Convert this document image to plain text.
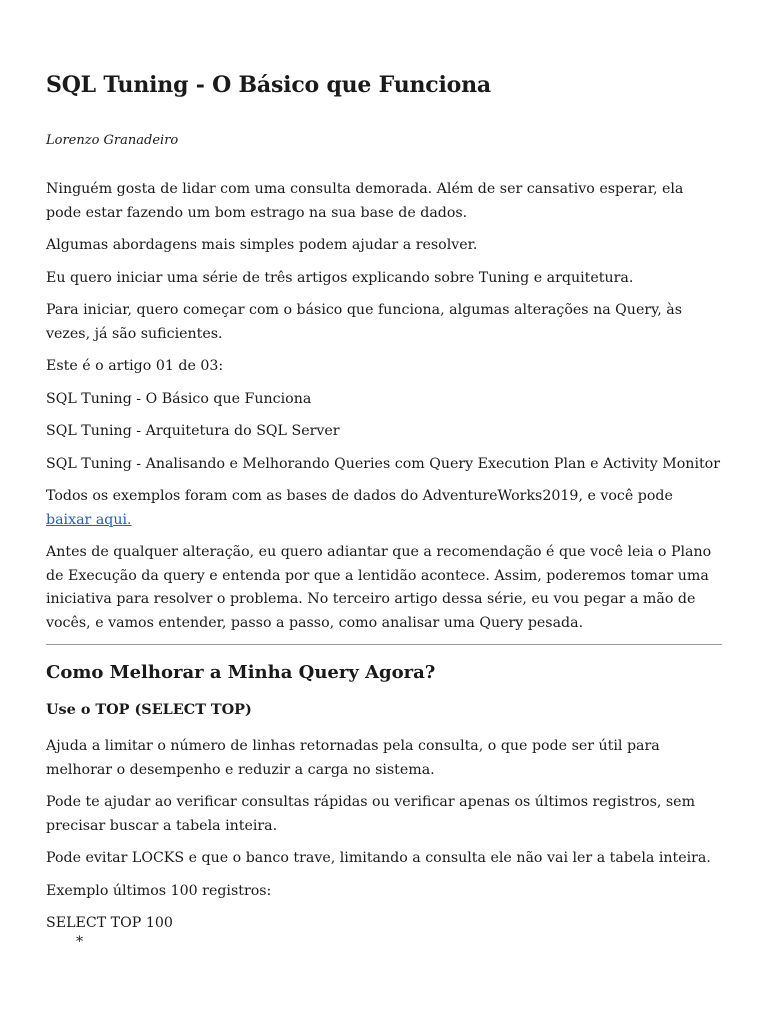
SQL Tuning - O Básico que Funciona
Lorenzo Granadeiro

Ninguém gosta de lidar com uma consulta demorada. Além de ser cansativo esperar, ela pode estar fazendo um bom estrago na sua base de dados.

Algumas abordagens mais simples podem ajudar a resolver.

Eu quero iniciar uma série de três artigos explicando sobre Tuning e arquitetura.

Para iniciar, quero começar com o básico que funciona, algumas alterações na Query, às vezes, já são suficientes.

Este é o artigo 01 de 03:

SQL Tuning - O Básico que Funciona

SQL Tuning - Arquitetura do SQL Server

SQL Tuning - Analisando e Melhorando Queries com Query Execution Plan e Activity Monitor

Todos os exemplos foram com as bases de dados do AdventureWorks2019, e você pode baixar aqui.

Antes de qualquer alteração, eu quero adiantar que a recomendação é que você leia o Plano de Execução da query e entenda por que a lentidão acontece. Assim, poderemos tomar uma iniciativa para resolver o problema. No terceiro artigo dessa série, eu vou pegar a mão de vocês, e vamos entender, passo a passo, como analisar uma Query pesada.

Como Melhorar a Minha Query Agora?
Use o TOP (SELECT TOP)

Ajuda a limitar o número de linhas retornadas pela consulta, o que pode ser útil para melhorar o desempenho e reduzir a carga no sistema.

Pode te ajudar ao verificar consultas rápidas ou verificar apenas os últimos registros, sem precisar buscar a tabela inteira.

Pode evitar LOCKS e que o banco trave, limitando a consulta ele não vai ler a tabela inteira.

Exemplo últimos 100 registros:

SELECT TOP 100
*
